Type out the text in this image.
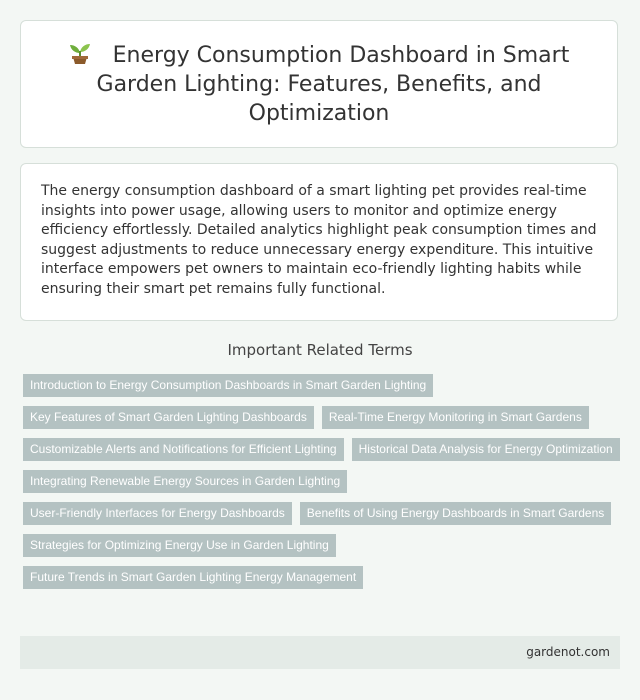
Energy Consumption Dashboard in Smart Garden Lighting: Features, Benefits, and Optimization

The energy consumption dashboard of a smart lighting pet provides real-time insights into power usage, allowing users to monitor and optimize energy efficiency effortlessly. Detailed analytics highlight peak consumption times and suggest adjustments to reduce unnecessary energy expenditure. This intuitive interface empowers pet owners to maintain eco-friendly lighting habits while ensuring their smart pet remains fully functional.

Important Related Terms
Introduction to Energy Consumption Dashboards in Smart Garden Lighting
Key Features of Smart Garden Lighting Dashboards	Real-Time Energy Monitoring in Smart Gardens
Customizable Alerts and Notifications for Efficient Lighting	Historical Data Analysis for Energy Optimization
Integrating Renewable Energy Sources in Garden Lighting
User-Friendly Interfaces for Energy Dashboards	Benefits of Using Energy Dashboards in Smart Gardens
Strategies for Optimizing Energy Use in Garden Lighting
Future Trends in Smart Garden Lighting Energy Management
gardenot.com
